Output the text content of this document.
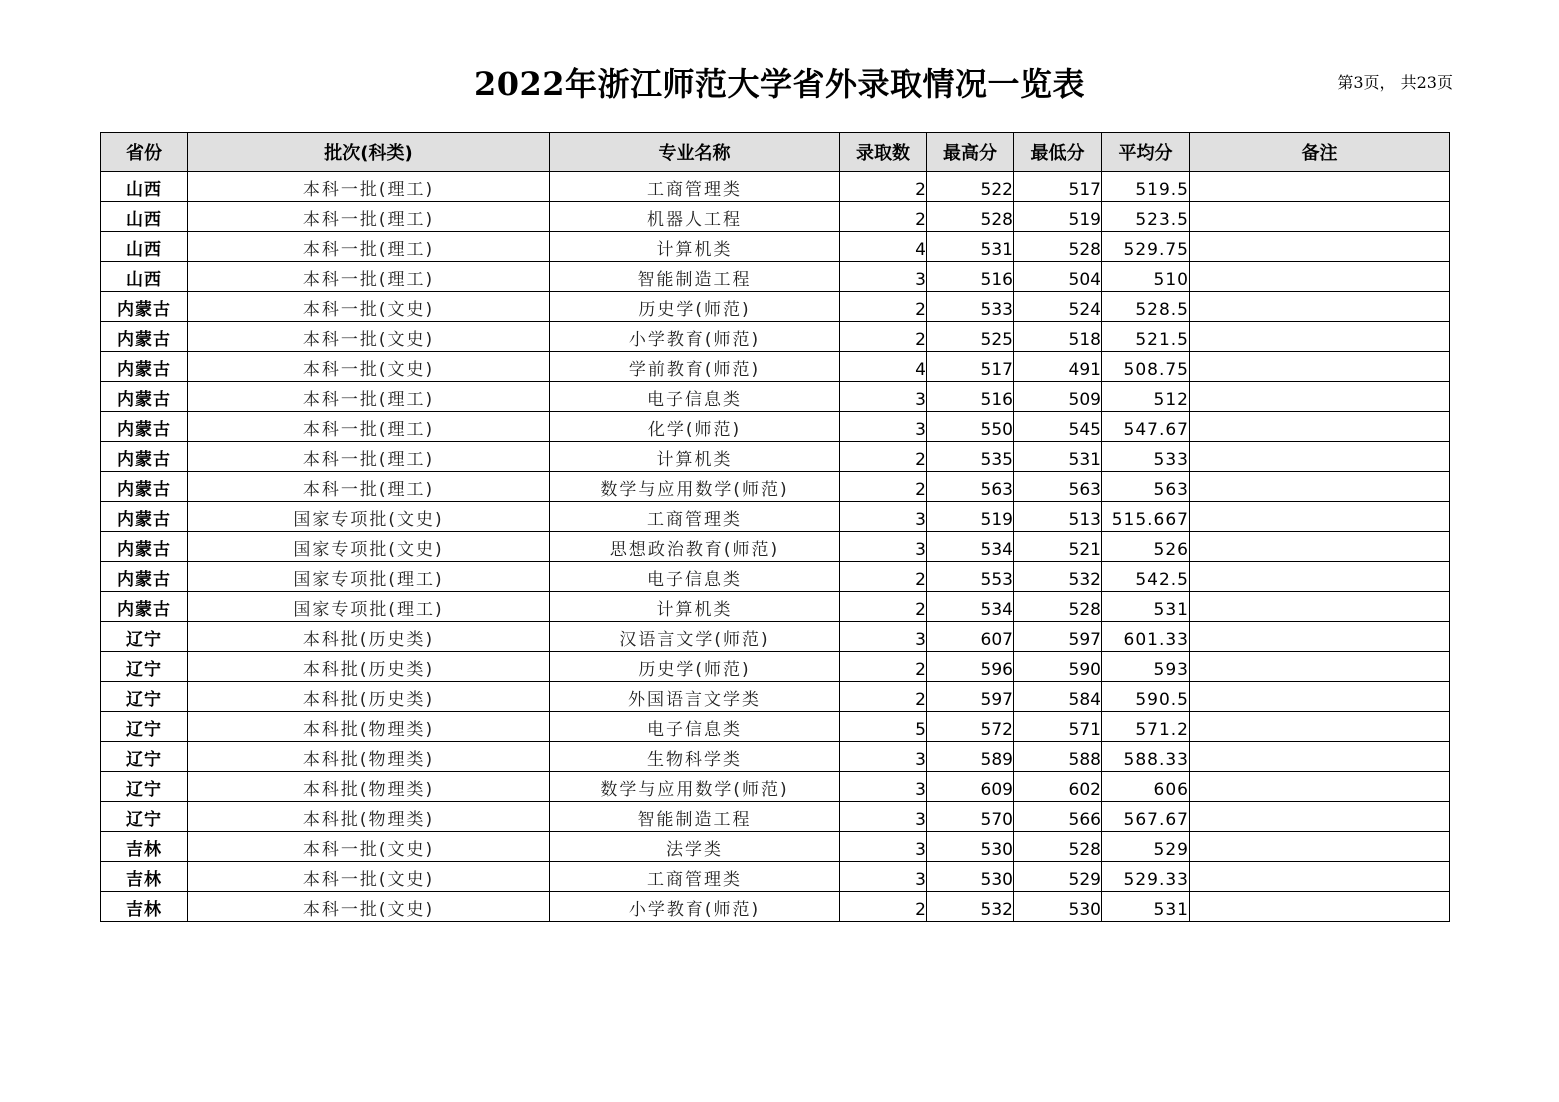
2022年浙江师范大学省外录取情况一览表	第3页， 共23页
省份	批次(科类)	专业名称	录取数	最高分	最低分	平均分	备注
山西	本科一批(理工)	工商管理类	2	522	517	519.5	
山西	本科一批(理工)	机器人工程	2	528	519	523.5	
山西	本科一批(理工)	计算机类	4	531	528	529.75	
山西	本科一批(理工)	智能制造工程	3	516	504	510	
内蒙古	本科一批(文史)	历史学(师范)	2	533	524	528.5	
内蒙古	本科一批(文史)	小学教育(师范)	2	525	518	521.5	
内蒙古	本科一批(文史)	学前教育(师范)	4	517	491	508.75	
内蒙古	本科一批(理工)	电子信息类	3	516	509	512	
内蒙古	本科一批(理工)	化学(师范)	3	550	545	547.67	
内蒙古	本科一批(理工)	计算机类	2	535	531	533	
内蒙古	本科一批(理工)	数学与应用数学(师范)	2	563	563	563	
内蒙古	国家专项批(文史)	工商管理类	3	519	513	515.667	
内蒙古	国家专项批(文史)	思想政治教育(师范)	3	534	521	526	
内蒙古	国家专项批(理工)	电子信息类	2	553	532	542.5	
内蒙古	国家专项批(理工)	计算机类	2	534	528	531	
辽宁	本科批(历史类)	汉语言文学(师范)	3	607	597	601.33	
辽宁	本科批(历史类)	历史学(师范)	2	596	590	593	
辽宁	本科批(历史类)	外国语言文学类	2	597	584	590.5	
辽宁	本科批(物理类)	电子信息类	5	572	571	571.2	
辽宁	本科批(物理类)	生物科学类	3	589	588	588.33	
辽宁	本科批(物理类)	数学与应用数学(师范)	3	609	602	606	
辽宁	本科批(物理类)	智能制造工程	3	570	566	567.67	
吉林	本科一批(文史)	法学类	3	530	528	529	
吉林	本科一批(文史)	工商管理类	3	530	529	529.33	
吉林	本科一批(文史)	小学教育(师范)	2	532	530	531	
